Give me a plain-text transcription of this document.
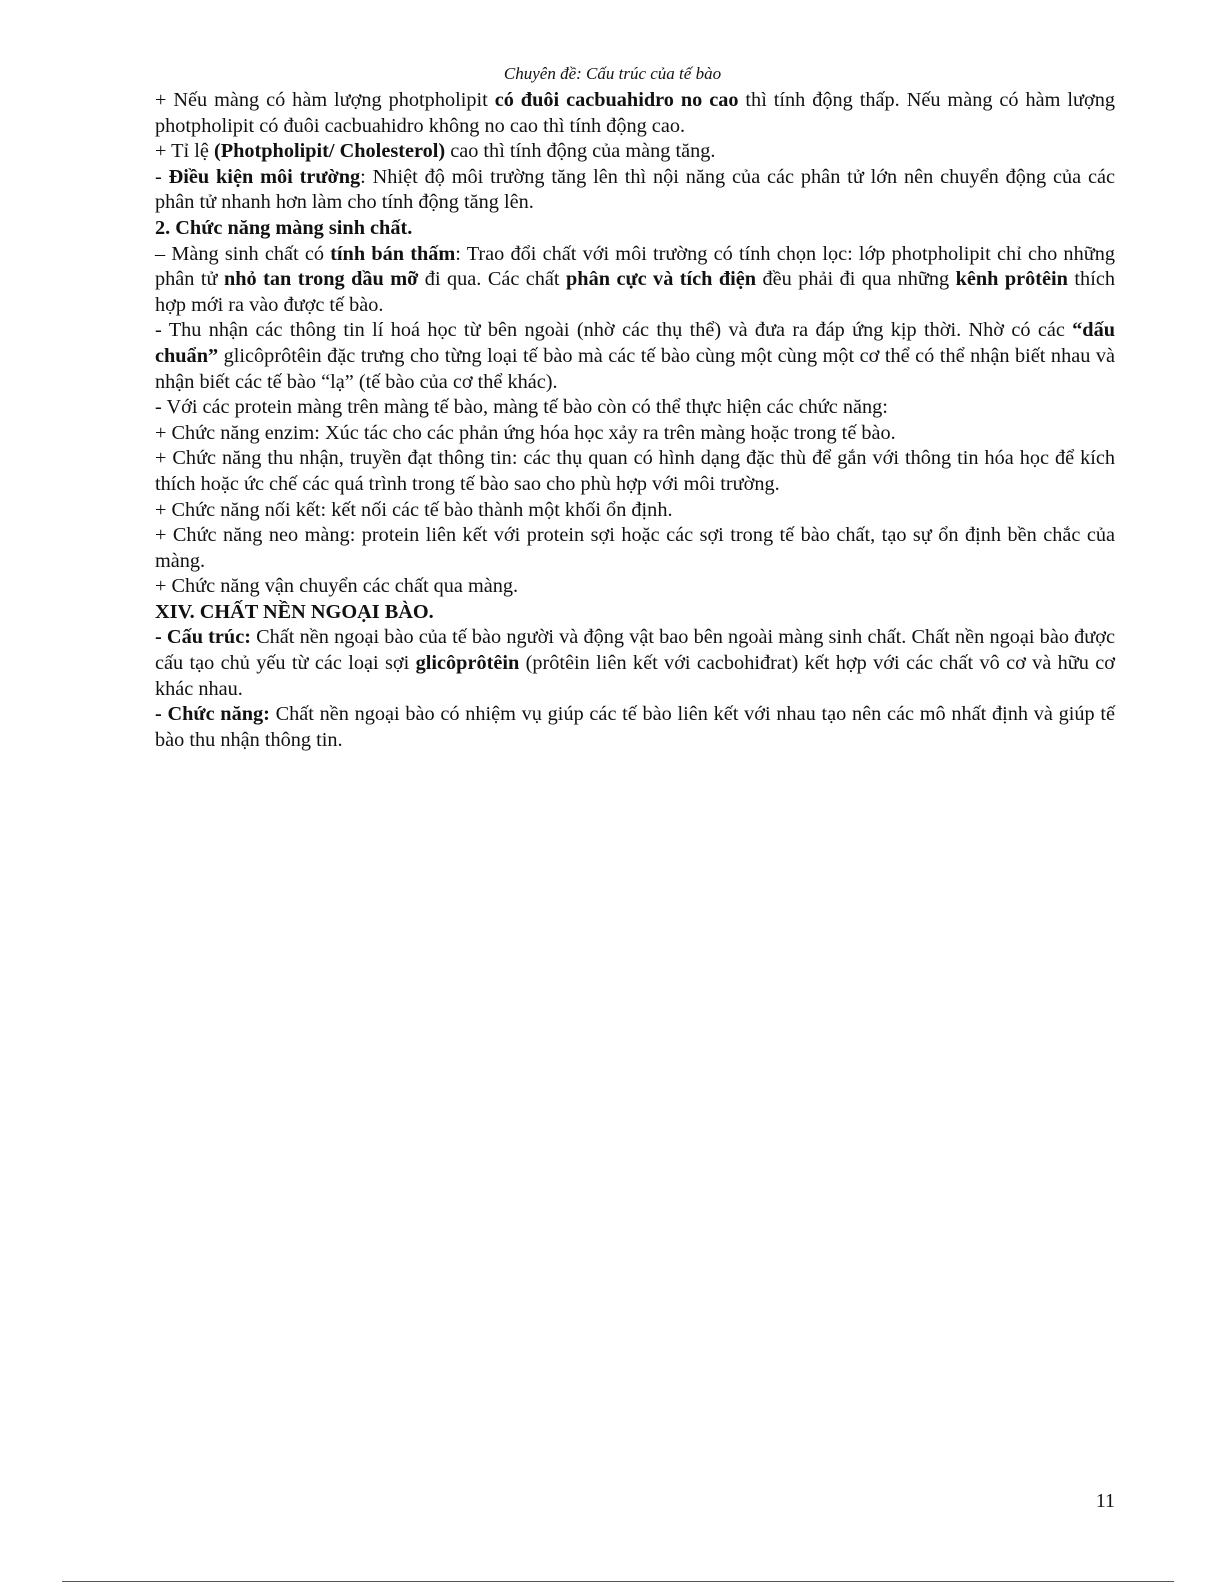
Chuyên đề: Cấu trúc của tế bào

+ Nếu màng có hàm lượng photpholipit có đuôi cacbuahidro no cao thì tính động thấp. Nếu màng có hàm lượng photpholipit có đuôi cacbuahidro không no cao thì tính động cao.

+ Tỉ lệ (Photpholipit/ Cholesterol) cao thì tính động của màng tăng.

- Điều kiện môi trường: Nhiệt độ môi trường tăng lên thì nội năng của các phân tử lớn nên chuyển động của các phân tử nhanh hơn làm cho tính động tăng lên.

2. Chức năng màng sinh chất.

– Màng sinh chất có tính bán thấm: Trao đổi chất với môi trường có tính chọn lọc: lớp photpholipit chỉ cho những phân tử nhỏ tan trong dầu mỡ đi qua. Các chất phân cực và tích điện đều phải đi qua những kênh prôtêin thích hợp mới ra vào được tế bào.

- Thu nhận các thông tin lí hoá học từ bên ngoài (nhờ các thụ thể) và đưa ra đáp ứng kịp thời. Nhờ có các “dấu chuẩn” glicôprôtêin đặc trưng cho từng loại tế bào mà các tế bào cùng một cùng một cơ thể có thể nhận biết nhau và nhận biết các tế bào “lạ” (tế bào của cơ thể khác).

- Với các protein màng trên màng tế bào, màng tế bào còn có thể thực hiện các chức năng:

+ Chức năng enzim: Xúc tác cho các phản ứng hóa học xảy ra trên màng hoặc trong tế bào.

+ Chức năng thu nhận, truyền đạt thông tin: các thụ quan có hình dạng đặc thù để gắn với thông tin hóa học để kích thích hoặc ức chế các quá trình trong tế bào sao cho phù hợp với môi trường.

+ Chức năng nối kết: kết nối các tế bào thành một khối ổn định.

+ Chức năng neo màng: protein liên kết với protein sợi hoặc các sợi trong tế bào chất, tạo sự ổn định bền chắc của màng.

+ Chức năng vận chuyển các chất qua màng.

XIV. CHẤT NỀN NGOẠI BÀO.

- Cấu trúc: Chất nền ngoại bào của tế bào người và động vật bao bên ngoài màng sinh chất. Chất nền ngoại bào được cấu tạo chủ yếu từ các loại sợi glicôprôtêin (prôtêin liên kết với cacbohiđrat) kết hợp với các chất vô cơ và hữu cơ khác nhau.

- Chức năng: Chất nền ngoại bào có nhiệm vụ giúp các tế bào liên kết với nhau tạo nên các mô nhất định và giúp tế bào thu nhận thông tin.

11
